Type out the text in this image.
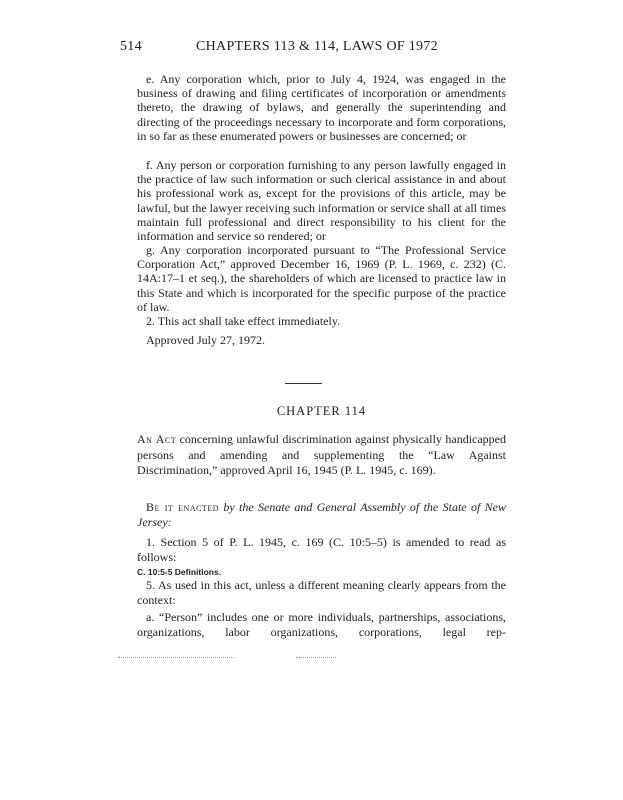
514	CHAPTERS 113 & 114, LAWS OF 1972
e. Any corporation which, prior to July 4, 1924, was engaged in the business of drawing and filing certificates of incorporation or amendments thereto, the drawing of bylaws, and generally the superintending and directing of the proceedings necessary to incorporate and form corporations, in so far as these enumerated powers or businesses are concerned; or
f. Any person or corporation furnishing to any person lawfully engaged in the practice of law such information or such clerical assistance in and about his professional work as, except for the provisions of this article, may be lawful, but the lawyer receiving such information or service shall at all times maintain full professional and direct responsibility to his client for the information and service so rendered; or
g. Any corporation incorporated pursuant to “The Professional Service Corporation Act,” approved December 16, 1969 (P. L. 1969, c. 232) (C. 14A:17–1 et seq.), the shareholders of which are licensed to practice law in this State and which is incorporated for the specific purpose of the practice of law.
2. This act shall take effect immediately.
Approved July 27, 1972.
CHAPTER 114
An Act concerning unlawful discrimination against physically handicapped persons and amending and supplementing the “Law Against Discrimination,” approved April 16, 1945 (P. L. 1945, c. 169).
Be it enacted by the Senate and General Assembly of the State of New Jersey:
1. Section 5 of P. L. 1945, c. 169 (C. 10:5–5) is amended to read as follows:
C. 10:5-5 Definitions.
5. As used in this act, unless a different meaning clearly appears from the context:
a. “Person” includes one or more individuals, partnerships, associations, organizations, labor organizations, corporations, legal rep-
